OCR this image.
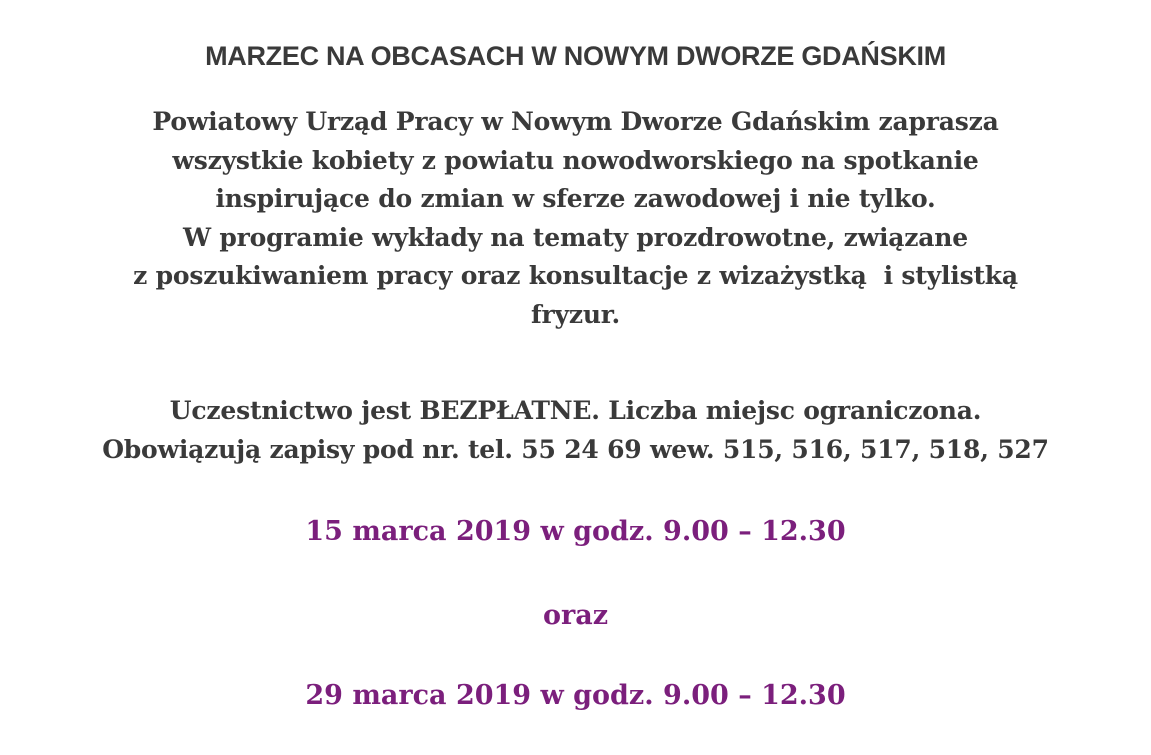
MARZEC NA OBCASACH W NOWYM DWORZE GDAŃSKIM
Powiatowy Urząd Pracy w Nowym Dworze Gdańskim zaprasza
wszystkie kobiety z powiatu nowodworskiego na spotkanie
inspirujące do zmian w sferze zawodowej i nie tylko.
W programie wykłady na tematy prozdrowotne, związane
z poszukiwaniem pracy oraz konsultacje z wizażystką  i stylistką
fryzur.
Uczestnictwo jest BEZPŁATNE. Liczba miejsc ograniczona.
Obowiązują zapisy pod nr. tel. 55 24 69 wew. 515, 516, 517, 518, 527
15 marca 2019 w godz. 9.00 – 12.30
oraz
29 marca 2019 w godz. 9.00 – 12.30
